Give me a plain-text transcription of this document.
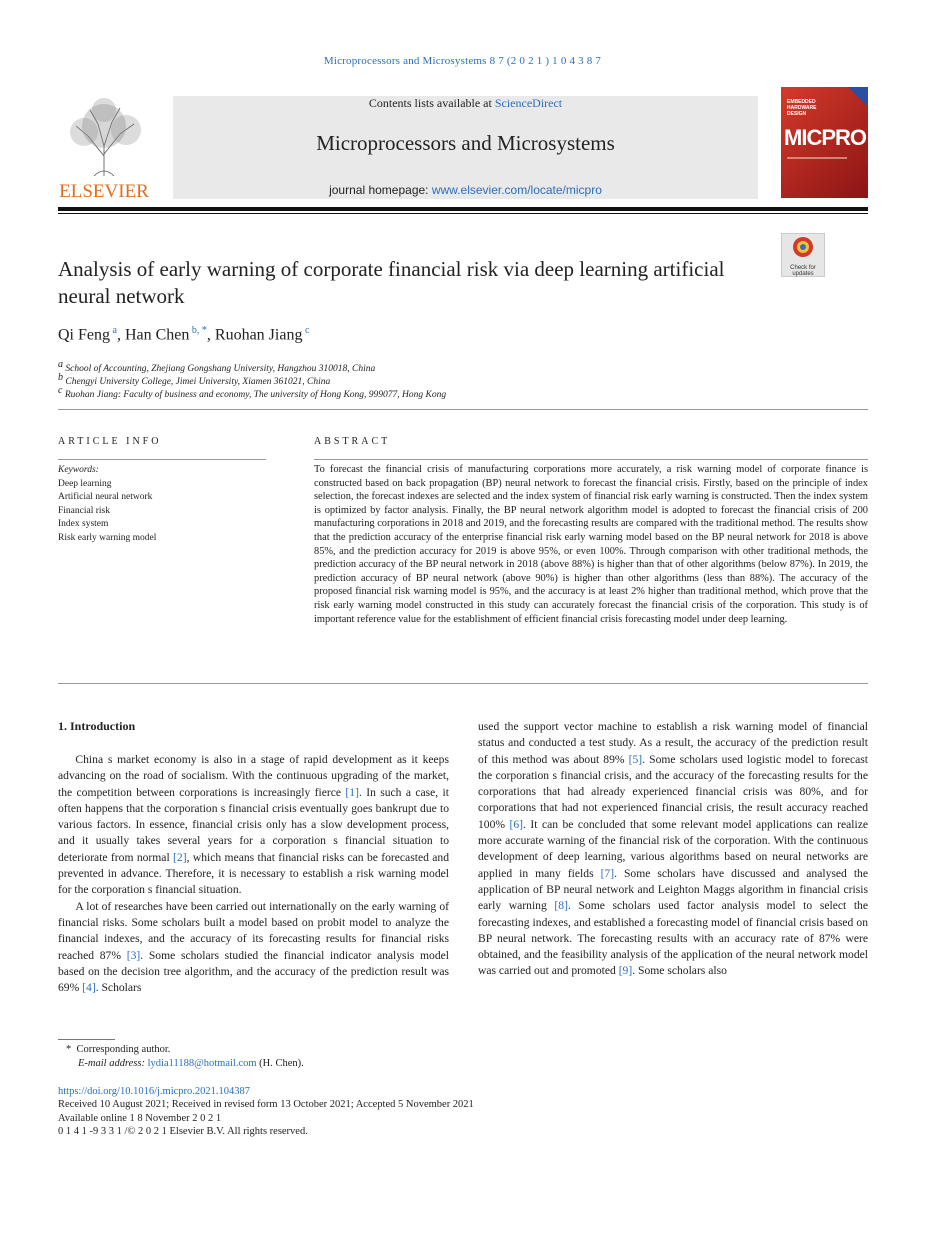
Microprocessors and Microsystems 8 7 (2 0 2 1 ) 1 0 4 3 8 7
ELSEVIER
Contents lists available at ScienceDirect
Microprocessors and Microsystems
journal homepage: www.elsevier.com/locate/micpro
EMBEDDED HARDWARE DESIGN
MICPRO
Check for updates
Analysis of early warning of corporate financial risk via deep learning artificial neural network
Qi Feng $^a$, Han Chen $^{b, *}$, Ruohan Jiang $^c$
$^a$ School of Accounting, Zhejiang Gongshang University, Hangzhou 310018, China
$^b$ Chengyi University College, Jimei University, Xiamen 361021, China
$^c$ Ruohan Jiang: Faculty of business and economy, The university of Hong Kong, 999077, Hong Kong
ARTICLE INFO
Keywords:
Deep learning
Artificial neural network
Financial risk
Index system
Risk early warning model
ABSTRACT
To forecast the financial crisis of manufacturing corporations more accurately, a risk warning model of corporate finance is constructed based on back propagation (BP) neural network to forecast the financial crisis. Firstly, based on the principle of index selection, the forecast indexes are selected and the index system of financial risk early warning is constructed. Then the index system is optimized by factor analysis. Finally, the BP neural network algorithm model is adopted to forecast the financial crisis of 200 manufacturing corporations in 2018 and 2019, and the forecasting results are compared with the traditional method. The results show that the prediction accuracy of the enterprise financial risk early warning model based on the BP neural network for 2018 is above 85%, and the prediction accuracy for 2019 is above 95%, or even 100%. Through comparison with other traditional methods, the prediction accuracy of the BP neural network in 2018 (above 88%) is higher than that of other algorithms (below 87%). In 2019, the prediction accuracy of BP neural network (above 90%) is higher than other algorithms (less than 88%). The accuracy of the proposed financial risk warning model is 95%, and the accuracy is at least 2% higher than traditional method, which prove that the risk early warning model constructed in this study can accurately forecast the financial crisis of the corporation. This study is of important reference value for the establishment of efficient financial crisis forecasting model under deep learning.
1. Introduction

China s market economy is also in a stage of rapid development as it keeps advancing on the road of socialism. With the continuous upgrading of the market, the competition between corporations is increasingly fierce [1]. In such a case, it often happens that the corporation s financial crisis eventually goes bankrupt due to various factors. In essence, financial crisis only has a slow development process, and it usually takes several years for a corporation s financial situation to deteriorate from normal [2], which means that financial risks can be forecasted and prevented in advance. Therefore, it is necessary to establish a risk warning model for the corporation s financial situation.

A lot of researches have been carried out internationally on the early warning of financial risks. Some scholars built a model based on probit model to analyze the financial indexes, and the accuracy of its forecasting results for financial risks reached 87% [3]. Some scholars studied the financial indicator analysis model based on the decision tree algorithm, and the accuracy of the prediction result was 69% [4]. Scholars

used the support vector machine to establish a risk warning model of financial status and conducted a test study. As a result, the accuracy of the prediction result of this method was about 89% [5]. Some scholars used logistic model to forecast the corporation s financial crisis, and the accuracy of the forecasting results for the corporations that had already experienced financial crisis was 80%, and for corporations that had not experienced financial crisis, the result accuracy reached 100% [6]. It can be concluded that some relevant model applications can realize more accurate warning of the financial risk of the corporation. With the continuous development of deep learning, various algorithms based on neural networks are applied in many fields [7]. Some scholars have discussed and analysed the application of BP neural network and Leighton Maggs algorithm in financial crisis early warning [8]. Some scholars used factor analysis model to select the forecasting indexes, and established a forecasting model of financial crisis based on BP neural network. The forecasting results with an accuracy rate of 87% were obtained, and the feasibility analysis of the application of the neural network model was carried out and promoted [9]. Some scholars also

* Corresponding author.
E-mail address: lydia11188@hotmail.com (H. Chen).
https://doi.org/10.1016/j.micpro.2021.104387
Received 10 August 2021; Received in revised form 13 October 2021; Accepted 5 November 2021
Available online 1 8 November 2 0 2 1
0 1 4 1 -9 3 3 1 /© 2 0 2 1 Elsevier B.V. All rights reserved.
